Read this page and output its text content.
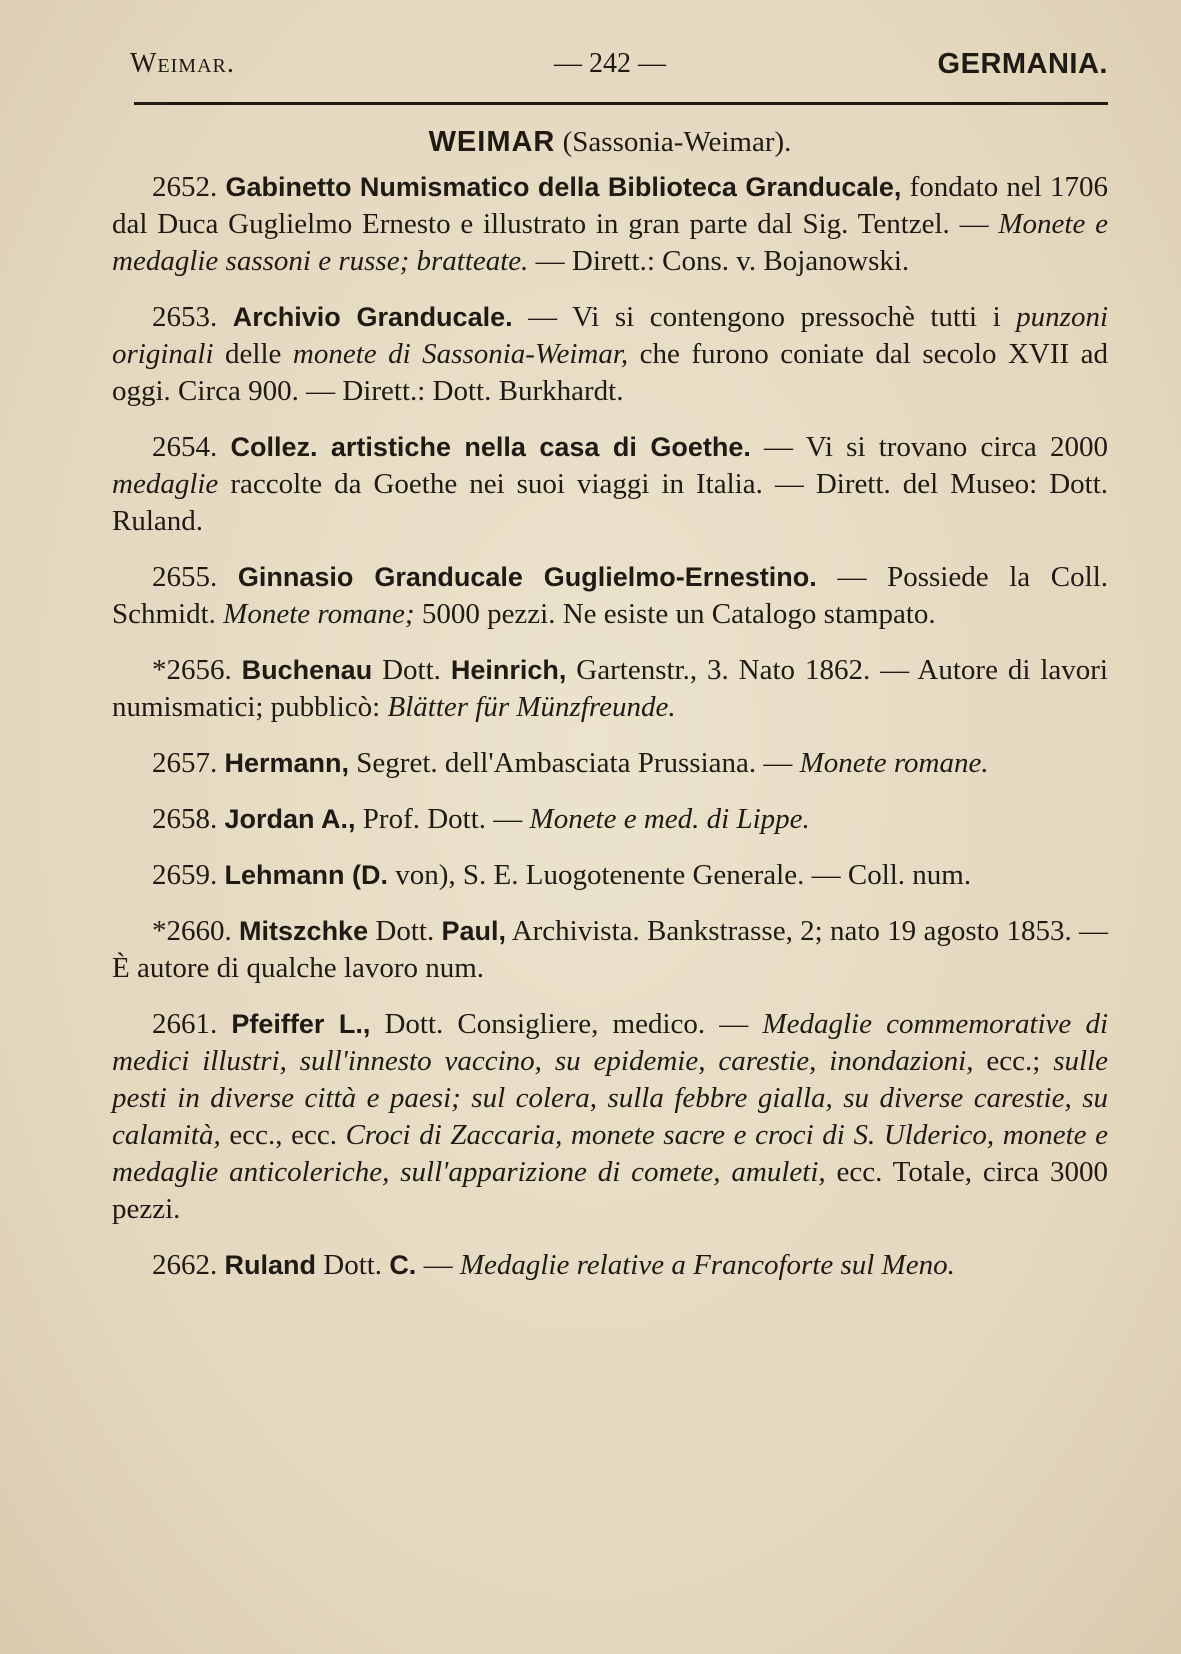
Weimar.	— 242 —	GERMANIA.
WEIMAR (Sassonia-Weimar).

2652. Gabinetto Numismatico della Biblioteca Granducale, fondato nel 1706 dal Duca Guglielmo Ernesto e illustrato in gran parte dal Sig. Tentzel. — Monete e medaglie sassoni e russe; bratteate. — Dirett.: Cons. v. Bojanowski.

2653. Archivio Granducale. — Vi si contengono pressochè tutti i punzoni originali delle monete di Sassonia-Weimar, che furono coniate dal secolo XVII ad oggi. Circa 900. — Dirett.: Dott. Burkhardt.

2654. Collez. artistiche nella casa di Goethe. — Vi si trovano circa 2000 medaglie raccolte da Goethe nei suoi viaggi in Italia. — Dirett. del Museo: Dott. Ruland.

2655. Ginnasio Granducale Guglielmo-Ernestino. — Possiede la Coll. Schmidt. Monete romane; 5000 pezzi. Ne esiste un Catalogo stampato.

*2656. Buchenau Dott. Heinrich, Gartenstr., 3. Nato 1862. — Autore di lavori numismatici; pubblicò: Blätter für Münzfreunde.

2657. Hermann, Segret. dell'Ambasciata Prussiana. — Monete romane.

2658. Jordan A., Prof. Dott. — Monete e med. di Lippe.

2659. Lehmann (D. von), S. E. Luogotenente Generale. — Coll. num.

*2660. Mitszchke Dott. Paul, Archivista. Bankstrasse, 2; nato 19 agosto 1853. — È autore di qualche lavoro num.

2661. Pfeiffer L., Dott. Consigliere, medico. — Medaglie commemorative di medici illustri, sull'innesto vaccino, su epidemie, carestie, inondazioni, ecc.; sulle pesti in diverse città e paesi; sul colera, sulla febbre gialla, su diverse carestie, su calamità, ecc., ecc. Croci di Zaccaria, monete sacre e croci di S. Ulderico, monete e medaglie anticoleriche, sull'apparizione di comete, amuleti, ecc. Totale, circa 3000 pezzi.

2662. Ruland Dott. C. — Medaglie relative a Francoforte sul Meno.
